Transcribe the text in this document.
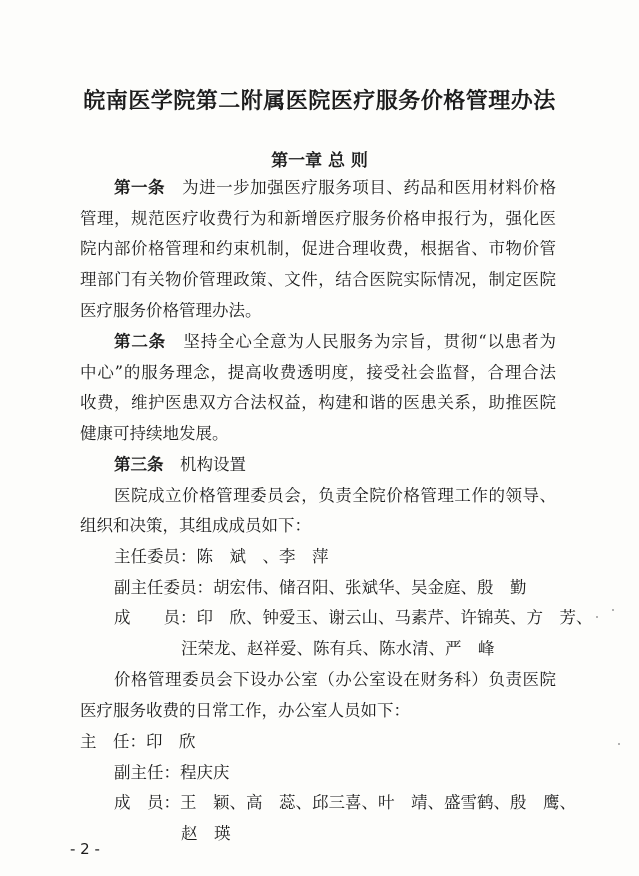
皖南医学院第二附属医院医疗服务价格管理办法
第一章 总 则
第一条　 为进一步加强医疗服务项目、药品和医用材料价格
管理，规范医疗收费行为和新增医疗服务价格申报行为，强化医
院内部价格管理和约束机制，促进合理收费，根据省、市物价管
理部门有关物价管理政策、文件，结合医院实际情况，制定医院
医疗服务价格管理办法。
第二条　 坚持全心全意为人民服务为宗旨，贯彻“以患者为
中心”的服务理念，提高收费透明度，接受社会监督，合理合法
收费，维护医患双方合法权益，构建和谐的医患关系，助推医院
健康可持续地发展。
第三条　 机构设置
医院成立价格管理委员会，负责全院价格管理工作的领导、
组织和决策，其组成成员如下：
主任委员：陈　斌　、李　萍
副主任委员：胡宏伟、储召阳、张斌华、吴金庭、殷　勤
成　　员：印　欣、钟爱玉、谢云山、马素芹、许锦英、方　芳、
汪荣龙、赵祥爱、陈有兵、陈水清、严　峰
价格管理委员会下设办公室（办公室设在财务科）负责医院
医疗服务收费的日常工作，办公室人员如下：
主　任：印　欣
副主任：程庆庆
成　员：王　颖、高　蕊、邱三喜、叶　靖、盛雪鹤、殷　鹰、
赵　瑛
- 2 -
